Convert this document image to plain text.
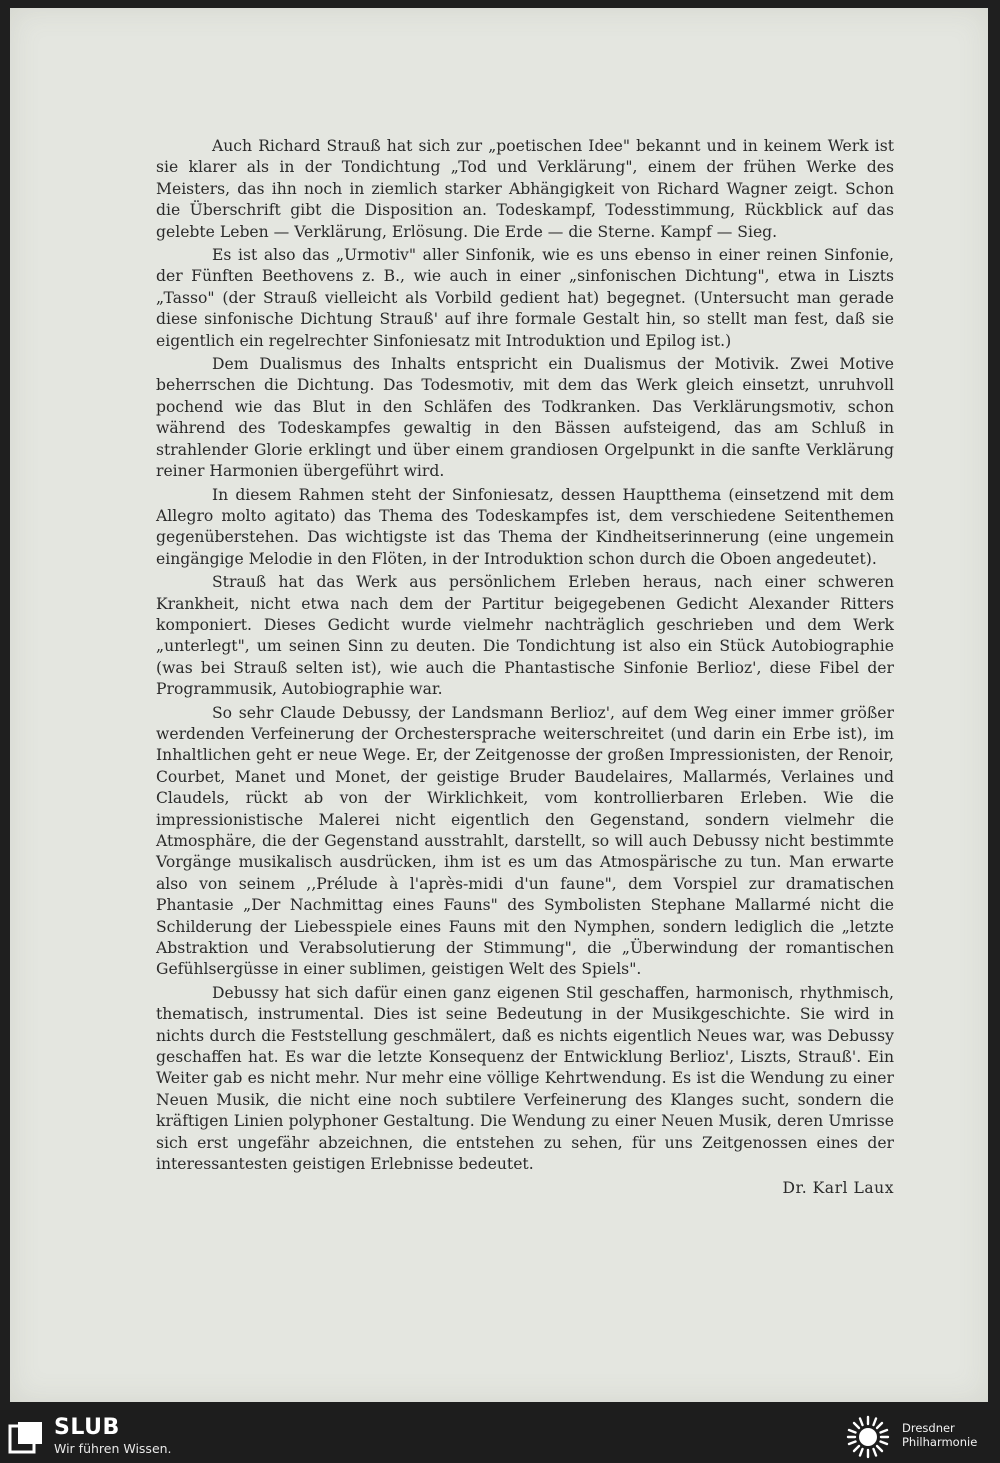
Auch Richard Strauß hat sich zur „poetischen Idee" bekannt und in keinem Werk ist sie klarer als in der Tondichtung „Tod und Verklärung", einem der frühen Werke des Meisters, das ihn noch in ziemlich starker Abhängigkeit von Richard Wagner zeigt. Schon die Überschrift gibt die Disposition an. Todeskampf, Todesstimmung, Rückblick auf das gelebte Leben — Verklärung, Erlösung. Die Erde — die Sterne. Kampf — Sieg.

Es ist also das „Urmotiv" aller Sinfonik, wie es uns ebenso in einer reinen Sinfonie, der Fünften Beethovens z. B., wie auch in einer „sinfonischen Dichtung", etwa in Liszts „Tasso" (der Strauß vielleicht als Vorbild gedient hat) begegnet. (Untersucht man gerade diese sinfonische Dichtung Strauß' auf ihre formale Gestalt hin, so stellt man fest, daß sie eigentlich ein regelrechter Sinfoniesatz mit Introduktion und Epilog ist.)

Dem Dualismus des Inhalts entspricht ein Dualismus der Motivik. Zwei Motive beherrschen die Dichtung. Das Todesmotiv, mit dem das Werk gleich einsetzt, unruhvoll pochend wie das Blut in den Schläfen des Todkranken. Das Verklärungsmotiv, schon während des Todeskampfes gewaltig in den Bässen aufsteigend, das am Schluß in strahlender Glorie erklingt und über einem grandiosen Orgelpunkt in die sanfte Verklärung reiner Harmonien übergeführt wird.

In diesem Rahmen steht der Sinfoniesatz, dessen Hauptthema (einsetzend mit dem Allegro molto agitato) das Thema des Todeskampfes ist, dem verschiedene Seitenthemen gegenüberstehen. Das wichtigste ist das Thema der Kindheitserinnerung (eine ungemein eingängige Melodie in den Flöten, in der Introduktion schon durch die Oboen angedeutet).

Strauß hat das Werk aus persönlichem Erleben heraus, nach einer schweren Krankheit, nicht etwa nach dem der Partitur beigegebenen Gedicht Alexander Ritters komponiert. Dieses Gedicht wurde vielmehr nachträglich geschrieben und dem Werk „unterlegt", um seinen Sinn zu deuten. Die Tondichtung ist also ein Stück Autobiographie (was bei Strauß selten ist), wie auch die Phantastische Sinfonie Berlioz', diese Fibel der Programmusik, Autobiographie war.

So sehr Claude Debussy, der Landsmann Berlioz', auf dem Weg einer immer größer werdenden Verfeinerung der Orchestersprache weiterschreitet (und darin ein Erbe ist), im Inhaltlichen geht er neue Wege. Er, der Zeitgenosse der großen Impressionisten, der Renoir, Courbet, Manet und Monet, der geistige Bruder Baudelaires, Mallarmés, Verlaines und Claudels, rückt ab von der Wirklichkeit, vom kontrollierbaren Erleben. Wie die impressionistische Malerei nicht eigentlich den Gegenstand, sondern vielmehr die Atmosphäre, die der Gegenstand ausstrahlt, darstellt, so will auch Debussy nicht bestimmte Vorgänge musikalisch ausdrücken, ihm ist es um das Atmospärische zu tun. Man erwarte also von seinem ,,Prélude à l'après-midi d'un faune", dem Vorspiel zur dramatischen Phantasie „Der Nachmittag eines Fauns" des Symbolisten Stephane Mallarmé nicht die Schilderung der Liebesspiele eines Fauns mit den Nymphen, sondern lediglich die „letzte Abstraktion und Verabsolutierung der Stimmung", die „Überwindung der romantischen Gefühlsergüsse in einer sublimen, geistigen Welt des Spiels".

Debussy hat sich dafür einen ganz eigenen Stil geschaffen, harmonisch, rhythmisch, thematisch, instrumental. Dies ist seine Bedeutung in der Musikgeschichte. Sie wird in nichts durch die Feststellung geschmälert, daß es nichts eigentlich Neues war, was Debussy geschaffen hat. Es war die letzte Konsequenz der Entwicklung Berlioz', Liszts, Strauß'. Ein Weiter gab es nicht mehr. Nur mehr eine völlige Kehrtwendung. Es ist die Wendung zu einer Neuen Musik, die nicht eine noch subtilere Verfeinerung des Klanges sucht, sondern die kräftigen Linien polyphoner Gestaltung. Die Wendung zu einer Neuen Musik, deren Umrisse sich erst ungefähr abzeichnen, die entstehen zu sehen, für uns Zeitgenossen eines der interessantesten geistigen Erlebnisse bedeutet.

Dr. Karl Laux
SLUB
Wir führen Wissen.
Dresdner
Philharmonie
